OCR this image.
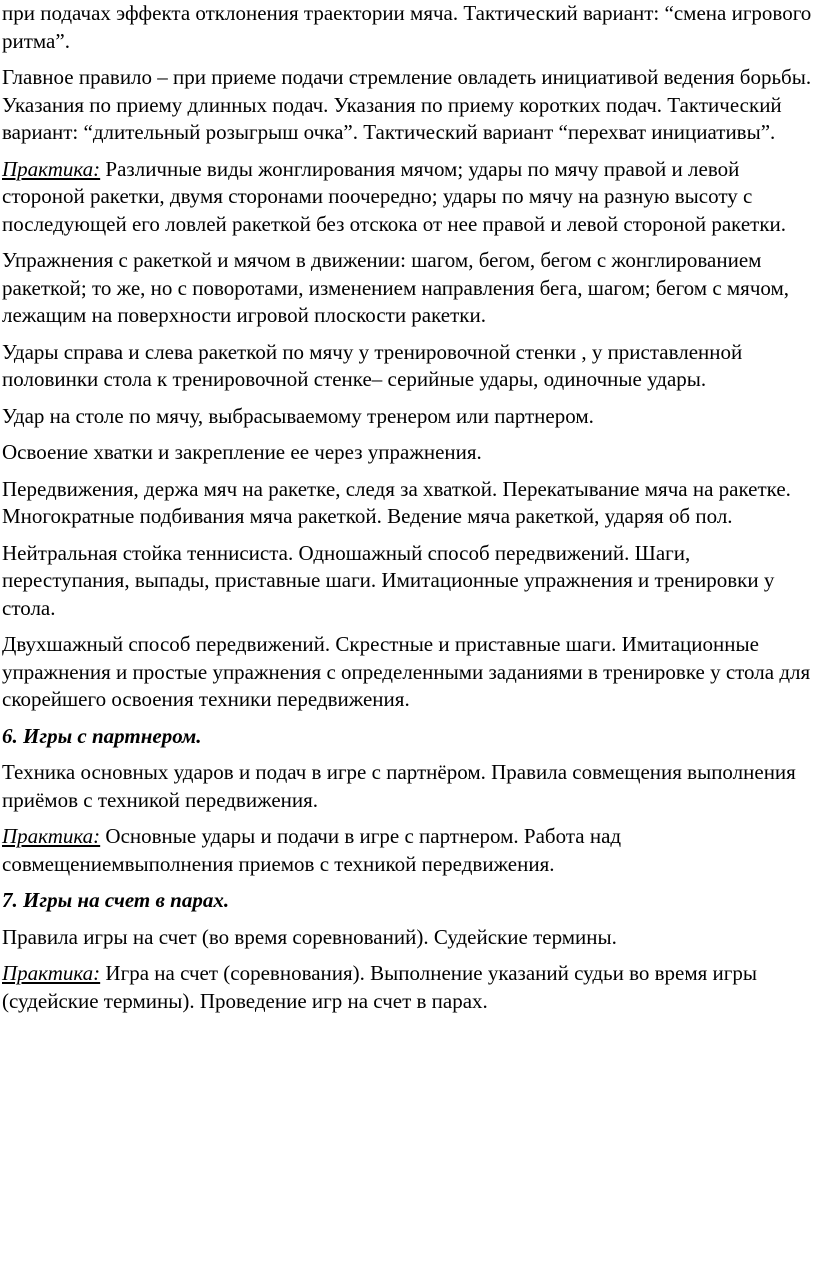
при подачах эффекта отклонения траектории мяча. Тактический вариант: “смена игрового ритма”.

Главное правило – при приеме подачи стремление овладеть инициативой ведения борьбы. Указания по приему длинных подач. Указания по приему коротких подач. Тактический вариант: “длительный розыгрыш очка”. Тактический вариант “перехват инициативы”.

Практика: Различные виды жонглирования мячом; удары по мячу правой и левой стороной ракетки, двумя сторонами поочередно; удары по мячу на разную высоту с последующей его ловлей ракеткой без отскока от нее правой и левой стороной ракетки.

Упражнения с ракеткой и мячом в движении: шагом, бегом, бегом с жонглированием ракеткой; то же, но с поворотами, изменением направления бега, шагом; бегом с мячом, лежащим на поверхности игровой плоскости ракетки.

Удары справа и слева ракеткой по мячу у тренировочной стенки , у приставленной половинки стола к тренировочной стенке– серийные удары, одиночные удары.

Удар на столе по мячу, выбрасываемому тренером или партнером.

Освоение хватки и закрепление ее через упражнения.

Передвижения, держа мяч на ракетке, следя за хваткой. Перекатывание мяча на ракетке. Многократные подбивания мяча ракеткой. Ведение мяча ракеткой, ударяя об пол.

Нейтральная стойка теннисиста. Одношажный способ передвижений. Шаги, переступания, выпады, приставные шаги. Имитационные упражнения и тренировки у стола.

Двухшажный способ передвижений. Скрестные и приставные шаги. Имитационные упражнения и простые упражнения с определенными заданиями в тренировке у стола для скорейшего освоения техники передвижения.

6. Игры с партнером.

Техника основных ударов и подач в игре с партнёром. Правила совмещения выполнения приёмов с техникой передвижения.

Практика: Основные удары и подачи в игре с партнером. Работа над совмещениемвыполнения приемов с техникой передвижения.

7. Игры на счет в парах.

Правила игры на счет (во время соревнований). Судейские термины.

Практика: Игра на счет (соревнования). Выполнение указаний судьи во время игры (судейские термины). Проведение игр на счет в парах.
